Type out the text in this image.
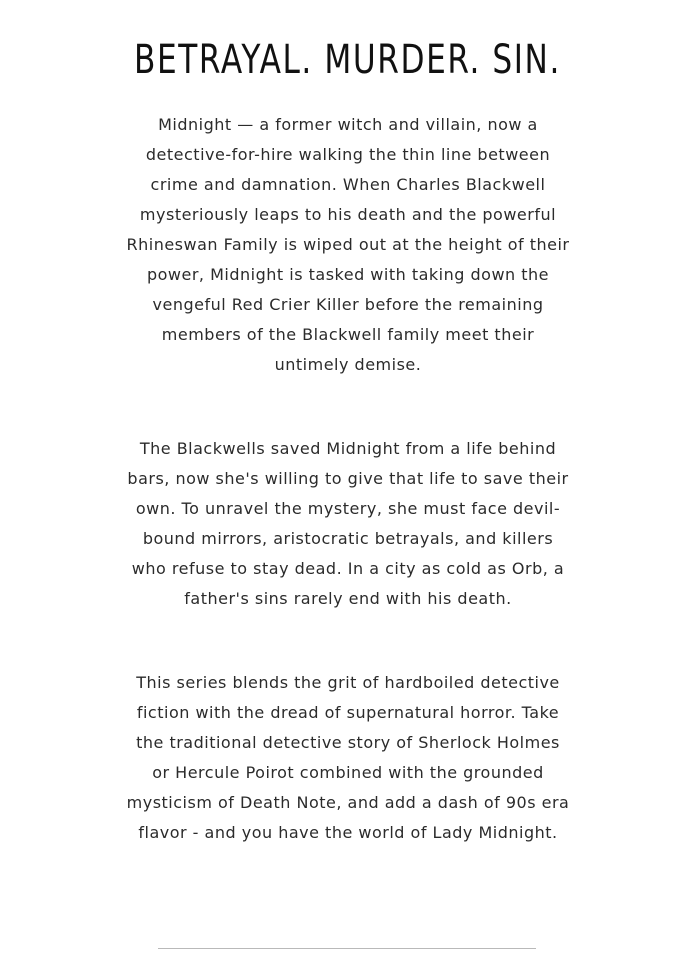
BETRAYAL. MURDER. SIN.

Midnight — a former witch and villain, now a detective-for-hire walking the thin line between crime and damnation. When Charles Blackwell mysteriously leaps to his death and the powerful Rhineswan Family is wiped out at the height of their power, Midnight is tasked with taking down the vengeful Red Crier Killer before the remaining members of the Blackwell family meet their untimely demise.

The Blackwells saved Midnight from a life behind bars, now she's willing to give that life to save their own. To unravel the mystery, she must face devil-bound mirrors, aristocratic betrayals, and killers who refuse to stay dead. In a city as cold as Orb, a father's sins rarely end with his death.

This series blends the grit of hardboiled detective fiction with the dread of supernatural horror. Take the traditional detective story of Sherlock Holmes or Hercule Poirot combined with the grounded mysticism of Death Note, and add a dash of 90s era flavor - and you have the world of Lady Midnight.
